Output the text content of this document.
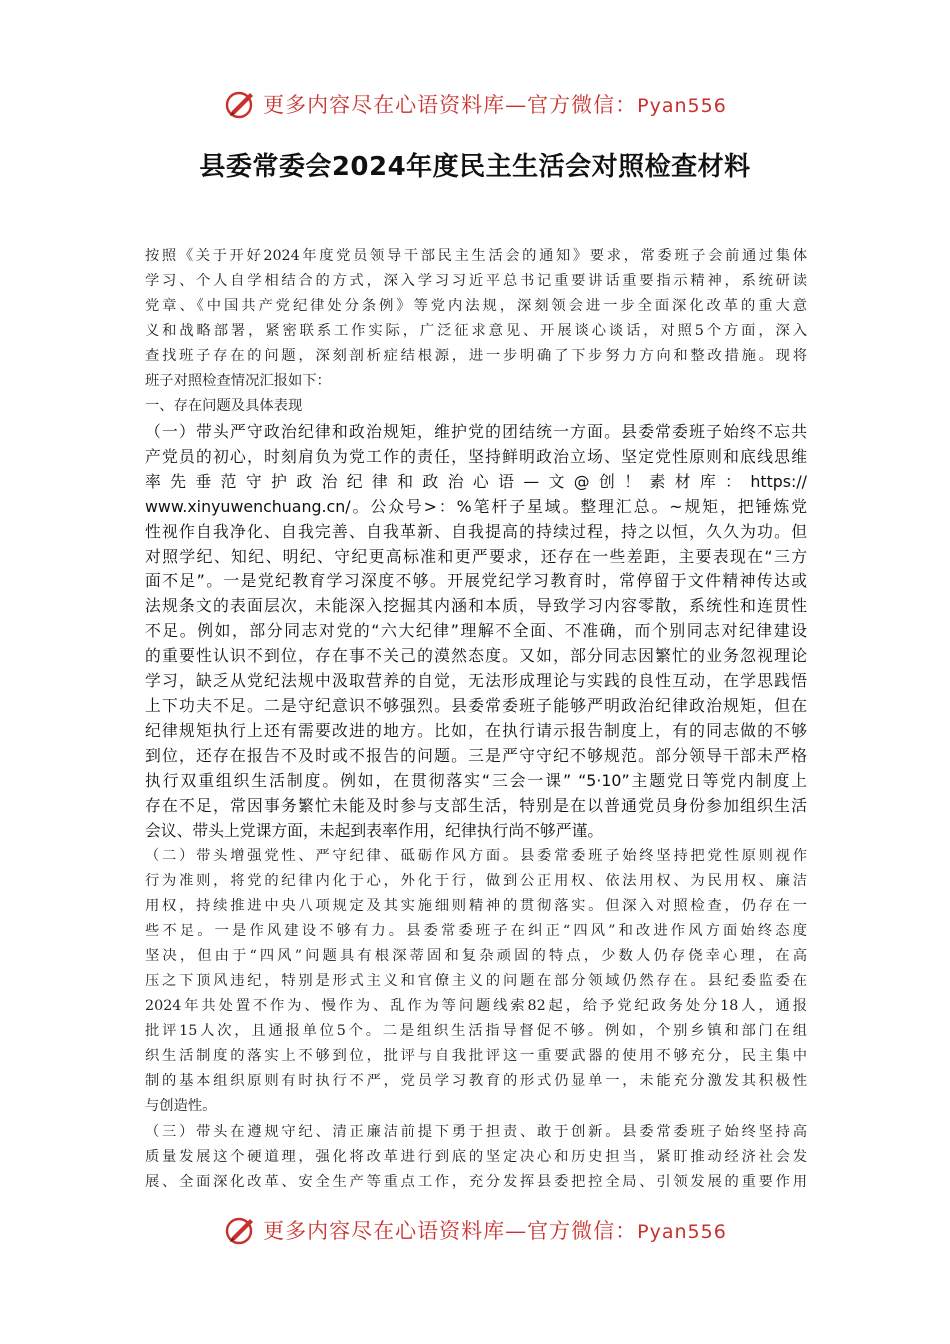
更多内容尽在心语资料库—官方微信：Pyan556
县委常委会2024年度民主生活会对照检查材料
按照《关于开好2024年度党员领导干部民主生活会的通知》要求，常委班子会前通过集体
学习、个人自学相结合的方式，深入学习习近平总书记重要讲话重要指示精神，系统研读
党章、《中国共产党纪律处分条例》等党内法规，深刻领会进一步全面深化改革的重大意
义和战略部署，紧密联系工作实际，广泛征求意见、开展谈心谈话，对照5个方面，深入
查找班子存在的问题，深刻剖析症结根源，进一步明确了下步努力方向和整改措施。现将
班子对照检查情况汇报如下：
一、存在问题及具体表现
（一）带头严守政治纪律和政治规矩，维护党的团结统一方面。县委常委班子始终不忘共
产党员的初心，时刻肩负为党工作的责任，坚持鲜明政治立场、坚定党性原则和底线思维
率先垂范守护政治纪律和政治心语—文@创！素材库：https://
www.xinyuwenchuang.cn/。公众号>：%笔杆子星域。整理汇总。~规矩，把锤炼党
性视作自我净化、自我完善、自我革新、自我提高的持续过程，持之以恒，久久为功。但
对照学纪、知纪、明纪、守纪更高标准和更严要求，还存在一些差距，主要表现在“三方
面不足”。一是党纪教育学习深度不够。开展党纪学习教育时，常停留于文件精神传达或
法规条文的表面层次，未能深入挖掘其内涵和本质，导致学习内容零散，系统性和连贯性
不足。例如，部分同志对党的“六大纪律”理解不全面、不准确，而个别同志对纪律建设
的重要性认识不到位，存在事不关己的漠然态度。又如，部分同志因繁忙的业务忽视理论
学习，缺乏从党纪法规中汲取营养的自觉，无法形成理论与实践的良性互动，在学思践悟
上下功夫不足。二是守纪意识不够强烈。县委常委班子能够严明政治纪律政治规矩，但在
纪律规矩执行上还有需要改进的地方。比如，在执行请示报告制度上，有的同志做的不够
到位，还存在报告不及时或不报告的问题。三是严守守纪不够规范。部分领导干部未严格
执行双重组织生活制度。例如，在贯彻落实“三会一课” “5·10”主题党日等党内制度上
存在不足，常因事务繁忙未能及时参与支部生活，特别是在以普通党员身份参加组织生活
会议、带头上党课方面，未起到表率作用，纪律执行尚不够严谨。
（二）带头增强党性、严守纪律、砥砺作风方面。县委常委班子始终坚持把党性原则视作
行为准则，将党的纪律内化于心，外化于行，做到公正用权、依法用权、为民用权、廉洁
用权，持续推进中央八项规定及其实施细则精神的贯彻落实。但深入对照检查，仍存在一
些不足。一是作风建设不够有力。县委常委班子在纠正“四风”和改进作风方面始终态度
坚决，但由于“四风”问题具有根深蒂固和复杂顽固的特点，少数人仍存侥幸心理，在高
压之下顶风违纪，特别是形式主义和官僚主义的问题在部分领域仍然存在。县纪委监委在
2024年共处置不作为、慢作为、乱作为等问题线索82起，给予党纪政务处分18人，通报
批评15人次，且通报单位5个。二是组织生活指导督促不够。例如，个别乡镇和部门在组
织生活制度的落实上不够到位，批评与自我批评这一重要武器的使用不够充分，民主集中
制的基本组织原则有时执行不严，党员学习教育的形式仍显单一，未能充分激发其积极性
与创造性。
（三）带头在遵规守纪、清正廉洁前提下勇于担责、敢于创新。县委常委班子始终坚持高
质量发展这个硬道理，强化将改革进行到底的坚定决心和历史担当，紧盯推动经济社会发
展、全面深化改革、安全生产等重点工作，充分发挥县委把控全局、引领发展的重要作用
更多内容尽在心语资料库—官方微信：Pyan556
